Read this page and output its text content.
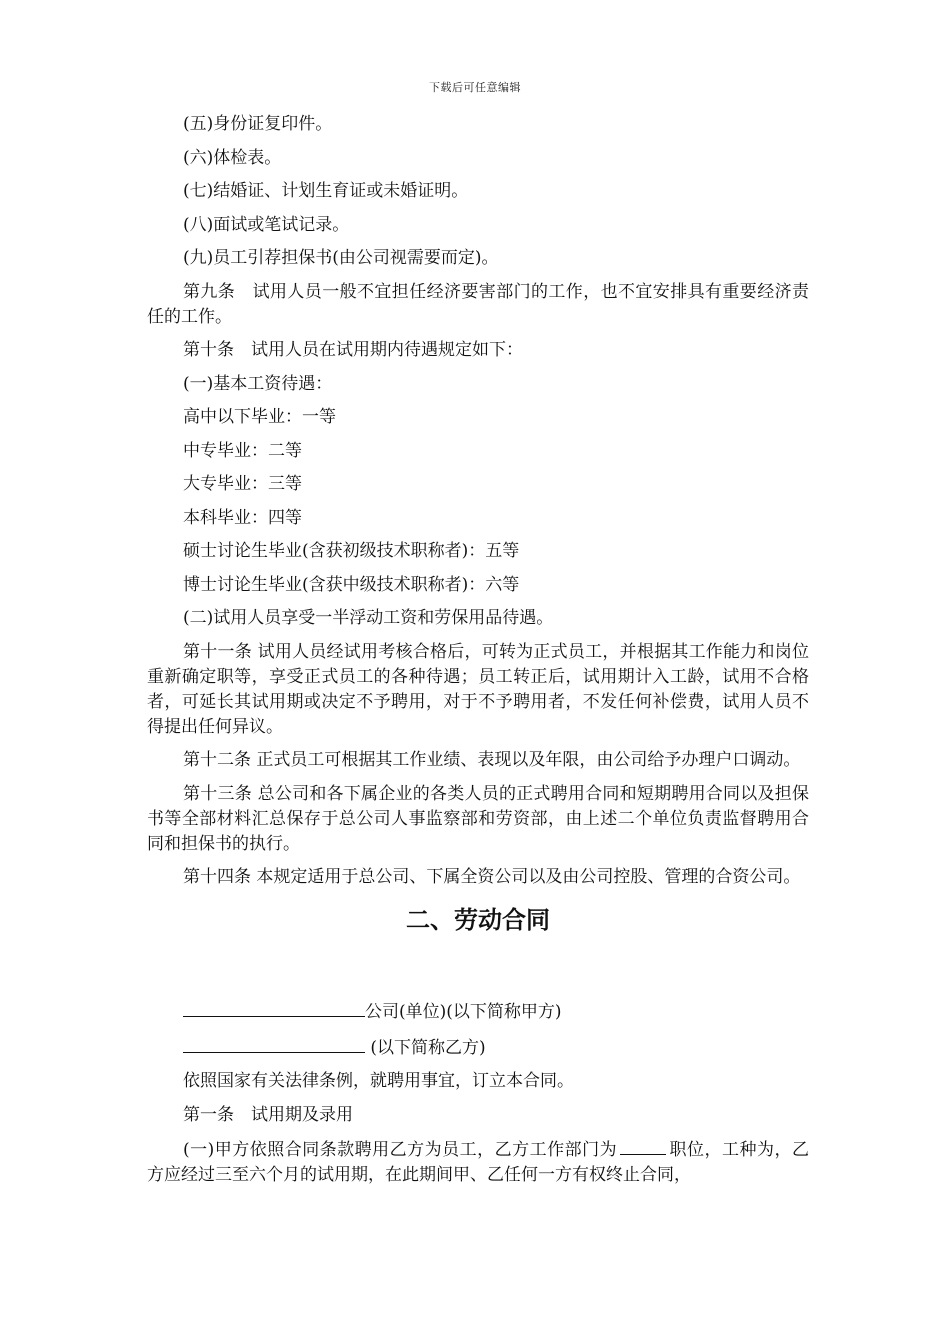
下载后可任意编辑

(五)身份证复印件。

(六)体检表。

(七)结婚证、计划生育证或未婚证明。

(八)面试或笔试记录。

(九)员工引荐担保书(由公司视需要而定)。

第九条　试用人员一般不宜担任经济要害部门的工作，也不宜安排具有重要经济责任的工作。

第十条　试用人员在试用期内待遇规定如下：

(一)基本工资待遇：

高中以下毕业：一等

中专毕业：二等

大专毕业：三等

本科毕业：四等

硕士讨论生毕业(含获初级技术职称者)：五等

博士讨论生毕业(含获中级技术职称者)：六等

(二)试用人员享受一半浮动工资和劳保用品待遇。

第十一条 试用人员经试用考核合格后，可转为正式员工，并根据其工作能力和岗位重新确定职等，享受正式员工的各种待遇；员工转正后，试用期计入工龄，试用不合格者，可延长其试用期或决定不予聘用，对于不予聘用者，不发任何补偿费，试用人员不得提出任何异议。

第十二条 正式员工可根据其工作业绩、表现以及年限，由公司给予办理户口调动。

第十三条 总公司和各下属企业的各类人员的正式聘用合同和短期聘用合同以及担保书等全部材料汇总保存于总公司人事监察部和劳资部，由上述二个单位负责监督聘用合同和担保书的执行。

第十四条 本规定适用于总公司、下属全资公司以及由公司控股、管理的合资公司。

二、劳动合同

公司(单位)(以下简称甲方)

(以下简称乙方)

依照国家有关法律条例，就聘用事宜，订立本合同。

第一条　试用期及录用

(一)甲方依照合同条款聘用乙方为员工，乙方工作部门为	职位，工种为，乙方应经过三至六个月的试用期，在此期间甲、乙任何一方有权终止合同，
